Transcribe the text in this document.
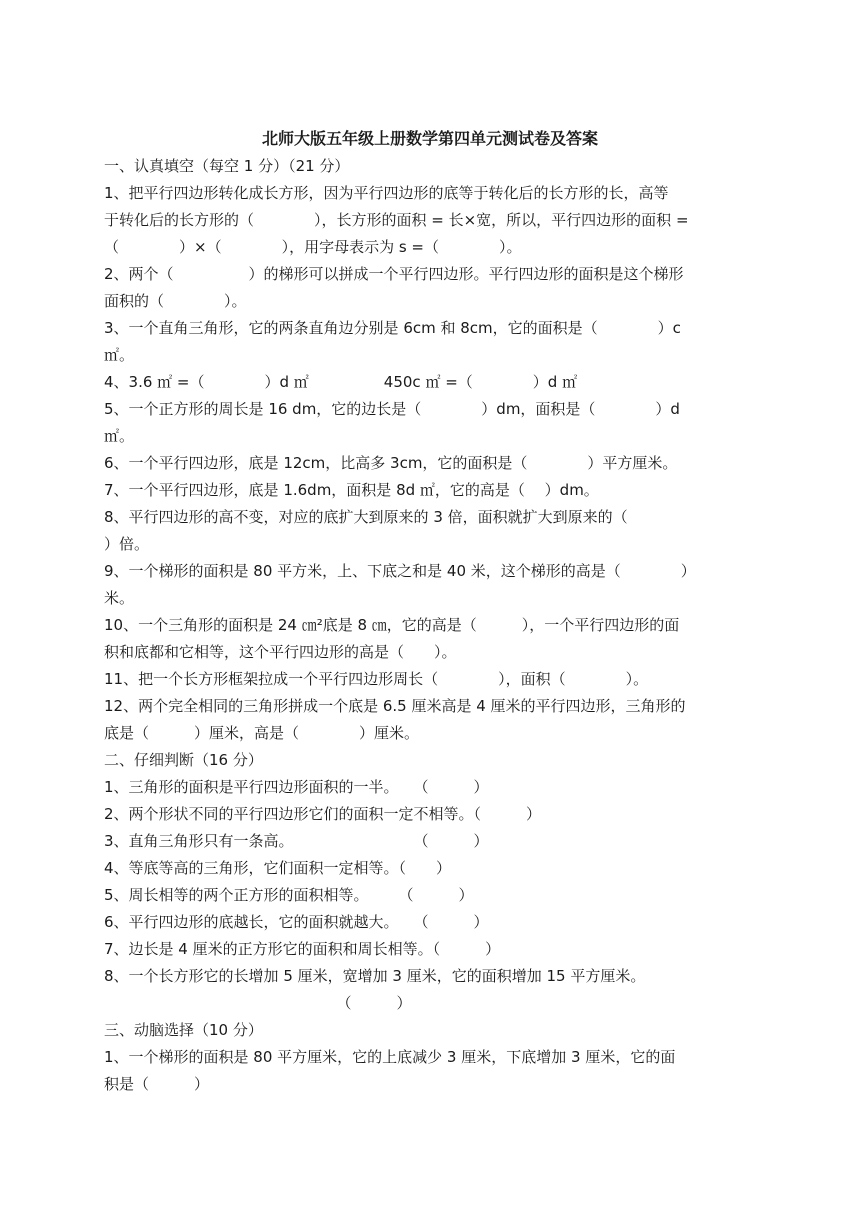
北师大版五年级上册数学第四单元测试卷及答案
一、认真填空（每空 1 分）（21 分）
1、把平行四边形转化成长方形，因为平行四边形的底等于转化后的长方形的长，高等
于转化后的长方形的（　　　　），长方形的面积 = 长×宽，所以，平行四边形的面积 =
（　　　　）×（　　　　），用字母表示为 s =（　　　　）。
2、两个（　　　　　）的梯形可以拼成一个平行四边形。平行四边形的面积是这个梯形
面积的（　　　　）。
3、一个直角三角形，它的两条直角边分别是 6cm 和 8cm，它的面积是（　　　　）c
㎡。
4、3.6 ㎡ =（　　　　）d ㎡　　　　　450c ㎡ =（　　　　）d ㎡
5、一个正方形的周长是 16 dm，它的边长是（　　　　）dm，面积是（　　　　）d
㎡。
6、一个平行四边形，底是 12cm，比高多 3cm，它的面积是（　　　　）平方厘米。
7、一个平行四边形，底是 1.6dm，面积是 8d ㎡，它的高是（　 ）dm。
8、平行四边形的高不变，对应的底扩大到原来的 3 倍，面积就扩大到原来的（
）倍。
9、一个梯形的面积是 80 平方米，上、下底之和是 40 米，这个梯形的高是（　　　　）
米。
10、一个三角形的面积是 24 ㎝²底是 8 ㎝，它的高是（　　　），一个平行四边形的面
积和底都和它相等，这个平行四边形的高是（　　）。
11、把一个长方形框架拉成一个平行四边形周长（　　　　），面积（　　　　）。
12、两个完全相同的三角形拼成一个底是 6.5 厘米高是 4 厘米的平行四边形，三角形的
底是（　　　）厘米，高是（　　　　）厘米。
二、仔细判断（16 分）
1、三角形的面积是平行四边形面积的一半。　　（　　　）
2、两个形状不同的平行四边形它们的面积一定不相等。（　　　）
3、直角三角形只有一条高。　　　　　　　　　（　　　）
4、等底等高的三角形，它们面积一定相等。（　　）
5、周长相等的两个正方形的面积相等。　　　（　　　）
6、平行四边形的底越长，它的面积就越大。　　（　　　）
7、边长是 4 厘米的正方形它的面积和周长相等。（　　　）
8、一个长方形它的长增加 5 厘米，宽增加 3 厘米，它的面积增加 15 平方厘米。
　　　　　　　　　　　　　　　　（　　　）
三、动脑选择（10 分）
1、一个梯形的面积是 80 平方厘米，它的上底减少 3 厘米，下底增加 3 厘米，它的面
积是（　　　）
